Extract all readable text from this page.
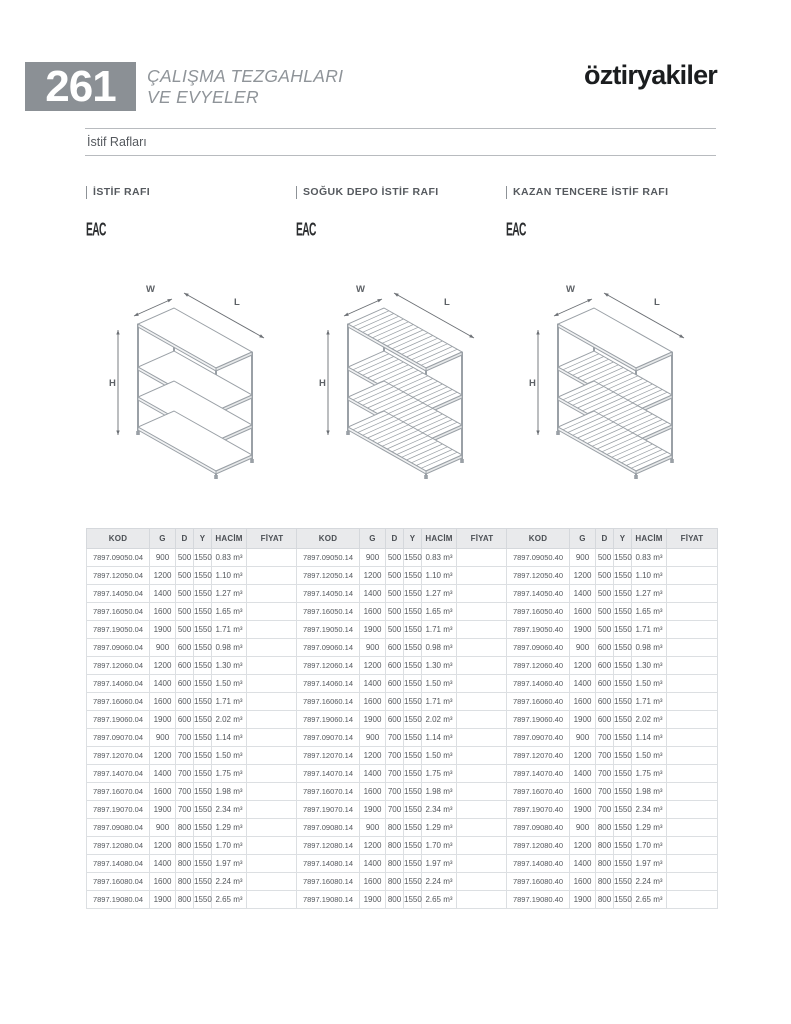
261 ÇALIŞMA TEZGAHLARI
VE EVYELER
öztiryakiler
İstif Rafları
İSTİF RAFI
EAC
H
W
L
KOD	G	D	Y	HACİM	FİYAT
7897.09050.04	900	500	1550	0.83 m³	
7897.12050.04	1200	500	1550	1.10 m³	
7897.14050.04	1400	500	1550	1.27 m³	
7897.16050.04	1600	500	1550	1.65 m³	
7897.19050.04	1900	500	1550	1.71 m³	
7897.09060.04	900	600	1550	0.98 m³	
7897.12060.04	1200	600	1550	1.30 m³	
7897.14060.04	1400	600	1550	1.50 m³	
7897.16060.04	1600	600	1550	1.71 m³	
7897.19060.04	1900	600	1550	2.02 m³	
7897.09070.04	900	700	1550	1.14 m³	
7897.12070.04	1200	700	1550	1.50 m³	
7897.14070.04	1400	700	1550	1.75 m³	
7897.16070.04	1600	700	1550	1.98 m³	
7897.19070.04	1900	700	1550	2.34 m³	
7897.09080.04	900	800	1550	1.29 m³	
7897.12080.04	1200	800	1550	1.70 m³	
7897.14080.04	1400	800	1550	1.97 m³	
7897.16080.04	1600	800	1550	2.24 m³	
7897.19080.04	1900	800	1550	2.65 m³	
SOĞUK DEPO İSTİF RAFI
EAC
H
W
L
KOD	G	D	Y	HACİM	FİYAT
7897.09050.14	900	500	1550	0.83 m³	
7897.12050.14	1200	500	1550	1.10 m³	
7897.14050.14	1400	500	1550	1.27 m³	
7897.16050.14	1600	500	1550	1.65 m³	
7897.19050.14	1900	500	1550	1.71 m³	
7897.09060.14	900	600	1550	0.98 m³	
7897.12060.14	1200	600	1550	1.30 m³	
7897.14060.14	1400	600	1550	1.50 m³	
7897.16060.14	1600	600	1550	1.71 m³	
7897.19060.14	1900	600	1550	2.02 m³	
7897.09070.14	900	700	1550	1.14 m³	
7897.12070.14	1200	700	1550	1.50 m³	
7897.14070.14	1400	700	1550	1.75 m³	
7897.16070.14	1600	700	1550	1.98 m³	
7897.19070.14	1900	700	1550	2.34 m³	
7897.09080.14	900	800	1550	1.29 m³	
7897.12080.14	1200	800	1550	1.70 m³	
7897.14080.14	1400	800	1550	1.97 m³	
7897.16080.14	1600	800	1550	2.24 m³	
7897.19080.14	1900	800	1550	2.65 m³	
KAZAN TENCERE İSTİF RAFI
EAC
H
W
L
KOD	G	D	Y	HACİM	FİYAT
7897.09050.40	900	500	1550	0.83 m³	
7897.12050.40	1200	500	1550	1.10 m³	
7897.14050.40	1400	500	1550	1.27 m³	
7897.16050.40	1600	500	1550	1.65 m³	
7897.19050.40	1900	500	1550	1.71 m³	
7897.09060.40	900	600	1550	0.98 m³	
7897.12060.40	1200	600	1550	1.30 m³	
7897.14060.40	1400	600	1550	1.50 m³	
7897.16060.40	1600	600	1550	1.71 m³	
7897.19060.40	1900	600	1550	2.02 m³	
7897.09070.40	900	700	1550	1.14 m³	
7897.12070.40	1200	700	1550	1.50 m³	
7897.14070.40	1400	700	1550	1.75 m³	
7897.16070.40	1600	700	1550	1.98 m³	
7897.19070.40	1900	700	1550	2.34 m³	
7897.09080.40	900	800	1550	1.29 m³	
7897.12080.40	1200	800	1550	1.70 m³	
7897.14080.40	1400	800	1550	1.97 m³	
7897.16080.40	1600	800	1550	2.24 m³	
7897.19080.40	1900	800	1550	2.65 m³	
